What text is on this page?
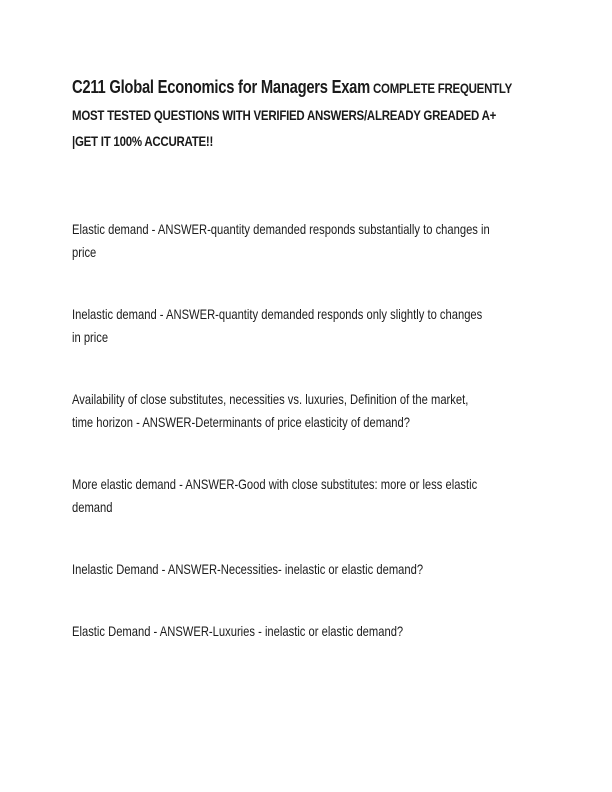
C211 Global Economics for Managers Exam COMPLETE FREQUENTLY
MOST TESTED QUESTIONS WITH VERIFIED ANSWERS/ALREADY GREADED A+
|GET IT 100% ACCURATE!!
Elastic demand - ANSWER-quantity demanded responds substantially to changes in
price
Inelastic demand - ANSWER-quantity demanded responds only slightly to changes
in price
Availability of close substitutes, necessities vs. luxuries, Definition of the market,
time horizon - ANSWER-Determinants of price elasticity of demand?
More elastic demand - ANSWER-Good with close substitutes: more or less elastic
demand
Inelastic Demand - ANSWER-Necessities- inelastic or elastic demand?
Elastic Demand - ANSWER-Luxuries - inelastic or elastic demand?
